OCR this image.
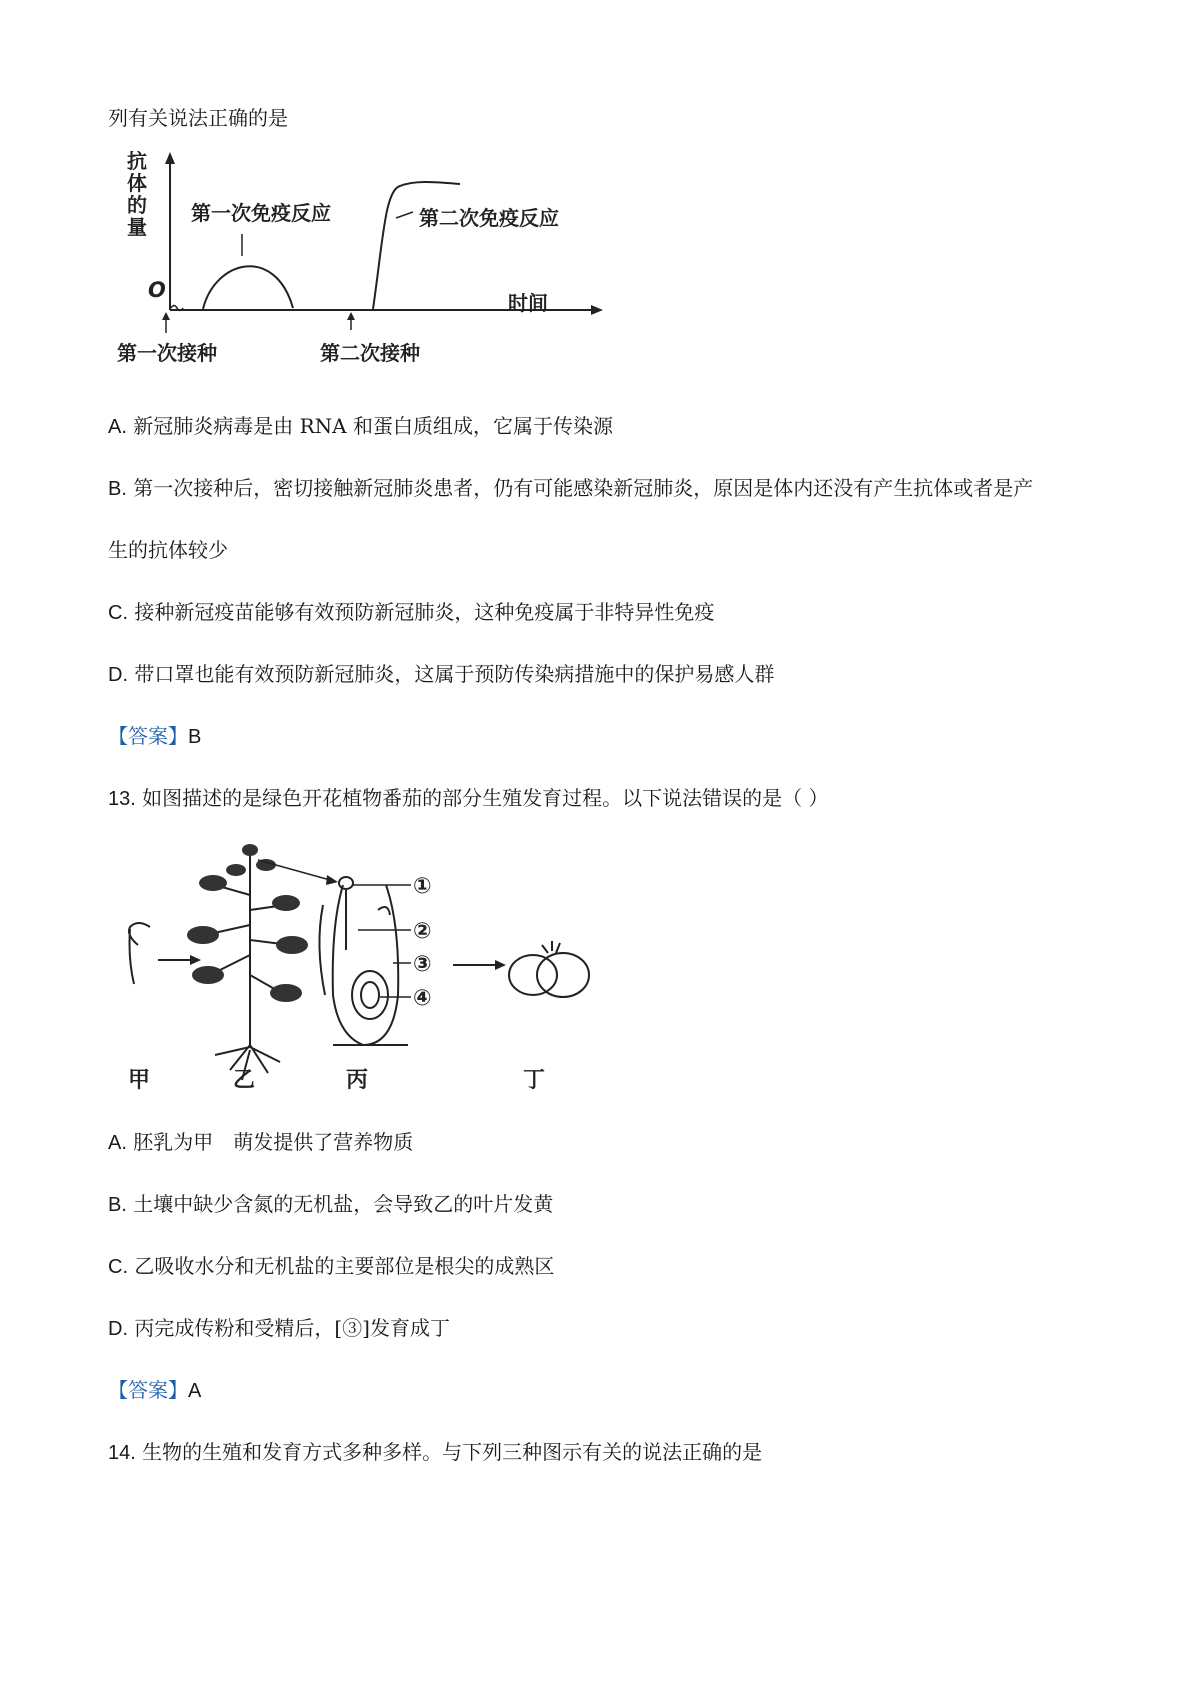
列有关说法正确的是
抗体的量
O
时间
第一次免疫反应	第二次免疫反应
第一次接种	第二次接种
A. 新冠肺炎病毒是由 RNA 和蛋白质组成，它属于传染源
B. 第一次接种后，密切接触新冠肺炎患者，仍有可能感染新冠肺炎，原因是体内还没有产生抗体或者是产
生的抗体较少
C. 接种新冠疫苗能够有效预防新冠肺炎，这种免疫属于非特异性免疫
D. 带口罩也能有效预防新冠肺炎，这属于预防传染病措施中的保护易感人群
【答案】B
13. 如图描述的是绿色开花植物番茄的部分生殖发育过程。以下说法错误的是（ ）
①
②
③
④
甲	乙	丙	丁
A. 胚乳为甲　萌发提供了营养物质
B. 土壤中缺少含氮的无机盐，会导致乙的叶片发黄
C. 乙吸收水分和无机盐的主要部位是根尖的成熟区
D. 丙完成传粉和受精后，[③]发育成丁
【答案】A
14. 生物的生殖和发育方式多种多样。与下列三种图示有关的说法正确的是
